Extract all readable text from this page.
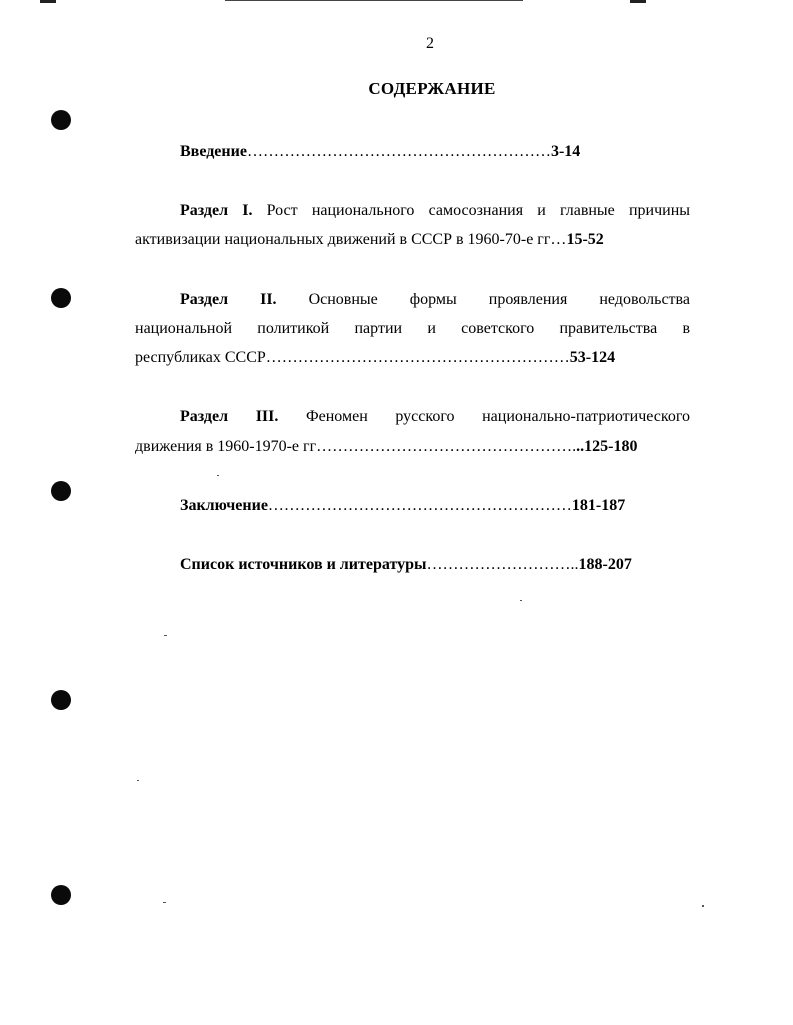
2
СОДЕРЖАНИЕ
Введение…………………………………………………3-14
Раздел I. Рост национального самосознания и главные причины
активизации национальных движений в СССР в 1960-70-е гг…15-52
Раздел II. Основные формы проявления недовольства
национальной политикой партии и советского правительства в
республиках СССР…………………………………………………53-124
Раздел III. Феномен русского национально-патриотического
движения в 1960-1970-е гг…………………………………………...125-180
Заключение…………………………………………………181-187
Список источников и литературы………………………..188-207
